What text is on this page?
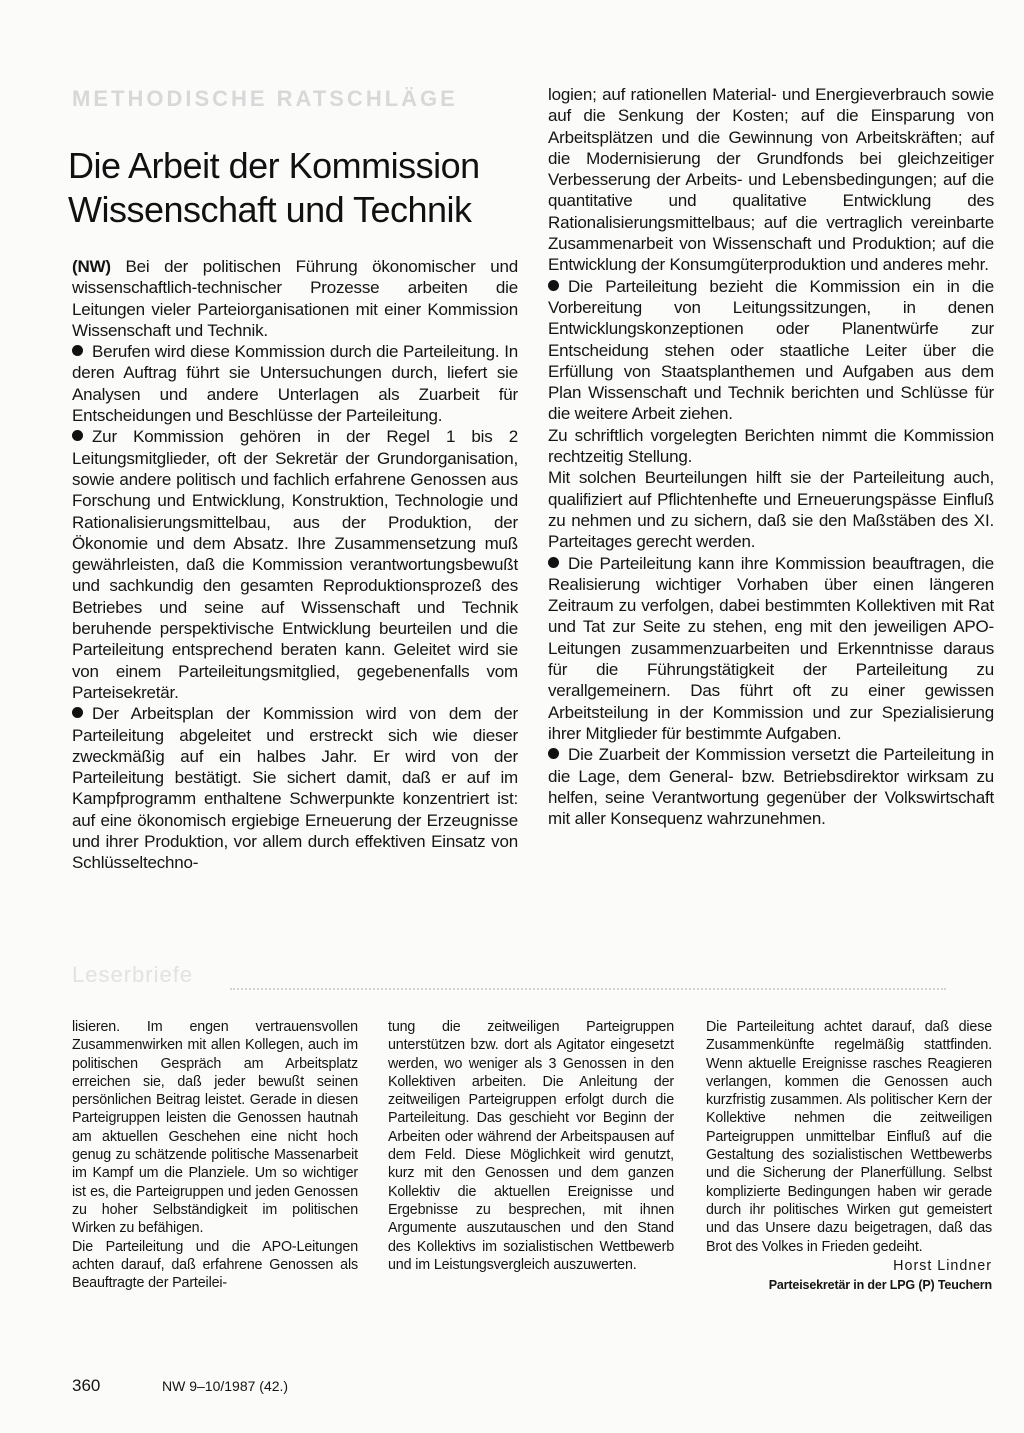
METHODISCHE RATSCHLÄGE
Die Arbeit der Kommission
Wissenschaft und Technik

(NW) Bei der politischen Führung ökonomischer und wissenschaftlich-technischer Prozesse arbeiten die Leitungen vieler Parteiorganisationen mit einer Kommission Wissenschaft und Technik.

Berufen wird diese Kommission durch die Parteileitung. In deren Auftrag führt sie Untersuchungen durch, liefert sie Analysen und andere Unterlagen als Zuarbeit für Entscheidungen und Beschlüsse der Parteileitung.

Zur Kommission gehören in der Regel 1 bis 2 Leitungsmitglieder, oft der Sekretär der Grundorganisation, sowie andere politisch und fachlich erfahrene Genossen aus Forschung und Entwicklung, Konstruktion, Technologie und Rationalisierungsmittelbau, aus der Produktion, der Ökonomie und dem Absatz. Ihre Zusammensetzung muß gewährleisten, daß die Kommission verantwortungsbewußt und sachkundig den gesamten Reproduktionsprozeß des Betriebes und seine auf Wissenschaft und Technik beruhende perspektivische Entwicklung beurteilen und die Parteileitung entsprechend beraten kann. Geleitet wird sie von einem Parteileitungsmitglied, gegebenenfalls vom Parteisekretär.

Der Arbeitsplan der Kommission wird von dem der Parteileitung abgeleitet und erstreckt sich wie dieser zweckmäßig auf ein halbes Jahr. Er wird von der Parteileitung bestätigt. Sie sichert damit, daß er auf im Kampfprogramm enthaltene Schwerpunkte konzentriert ist: auf eine ökonomisch ergiebige Erneuerung der Erzeugnisse und ihrer Produktion, vor allem durch effektiven Einsatz von Schlüsseltechno-

logien; auf rationellen Material- und Energieverbrauch sowie auf die Senkung der Kosten; auf die Einsparung von Arbeitsplätzen und die Gewinnung von Arbeitskräften; auf die Modernisierung der Grundfonds bei gleichzeitiger Verbesserung der Arbeits- und Lebensbedingungen; auf die quantitative und qualitative Entwicklung des Rationalisierungsmittelbaus; auf die vertraglich vereinbarte Zusammenarbeit von Wissenschaft und Produktion; auf die Entwicklung der Konsumgüterproduktion und anderes mehr.

Die Parteileitung bezieht die Kommission ein in die Vorbereitung von Leitungssitzungen, in denen Entwicklungskonzeptionen oder Planentwürfe zur Entscheidung stehen oder staatliche Leiter über die Erfüllung von Staatsplanthemen und Aufgaben aus dem Plan Wissenschaft und Technik berichten und Schlüsse für die weitere Arbeit ziehen.

Zu schriftlich vorgelegten Berichten nimmt die Kommission rechtzeitig Stellung.

Mit solchen Beurteilungen hilft sie der Parteileitung auch, qualifiziert auf Pflichtenhefte und Erneuerungspässe Einfluß zu nehmen und zu sichern, daß sie den Maßstäben des XI. Parteitages gerecht werden.

Die Parteileitung kann ihre Kommission beauftragen, die Realisierung wichtiger Vorhaben über einen längeren Zeitraum zu verfolgen, dabei bestimmten Kollektiven mit Rat und Tat zur Seite zu stehen, eng mit den jeweiligen APO-Leitungen zusammenzuarbeiten und Erkenntnisse daraus für die Führungstätigkeit der Parteileitung zu verallgemeinern. Das führt oft zu einer gewissen Arbeitsteilung in der Kommission und zur Spezialisierung ihrer Mitglieder für bestimmte Aufgaben.

Die Zuarbeit der Kommission versetzt die Parteileitung in die Lage, dem General- bzw. Betriebsdirektor wirksam zu helfen, seine Verantwortung gegenüber der Volkswirtschaft mit aller Konsequenz wahrzunehmen.

Leserbriefe

lisieren. Im engen vertrauensvollen Zusammenwirken mit allen Kollegen, auch im politischen Gespräch am Arbeitsplatz erreichen sie, daß jeder bewußt seinen persönlichen Beitrag leistet. Gerade in diesen Parteigruppen leisten die Genossen hautnah am aktuellen Geschehen eine nicht hoch genug zu schätzende politische Massenarbeit im Kampf um die Planziele. Um so wichtiger ist es, die Parteigruppen und jeden Genossen zu hoher Selbständigkeit im politischen Wirken zu befähigen.

Die Parteileitung und die APO-Leitungen achten darauf, daß erfahrene Genossen als Beauftragte der Parteilei-

tung die zeitweiligen Parteigruppen unterstützen bzw. dort als Agitator eingesetzt werden, wo weniger als 3 Genossen in den Kollektiven arbeiten. Die Anleitung der zeitweiligen Parteigruppen erfolgt durch die Parteileitung. Das geschieht vor Beginn der Arbeiten oder während der Arbeitspausen auf dem Feld. Diese Möglichkeit wird genutzt, kurz mit den Genossen und dem ganzen Kollektiv die aktuellen Ereignisse und Ergebnisse zu besprechen, mit ihnen Argumente auszutauschen und den Stand des Kollektivs im sozialistischen Wettbewerb und im Leistungsvergleich auszuwerten.

Die Parteileitung achtet darauf, daß diese Zusammenkünfte regelmäßig stattfinden. Wenn aktuelle Ereignisse rasches Reagieren verlangen, kommen die Genossen auch kurzfristig zusammen. Als politischer Kern der Kollektive nehmen die zeitweiligen Parteigruppen unmittelbar Einfluß auf die Gestaltung des sozialistischen Wettbewerbs und die Sicherung der Planerfüllung. Selbst komplizierte Bedingungen haben wir gerade durch ihr politisches Wirken gut gemeistert und das Unsere dazu beigetragen, daß das Brot des Volkes in Frieden gedeiht.

Horst Lindner
Parteisekretär in der LPG (P) Teuchern
360	NW 9–10/1987 (42.)
